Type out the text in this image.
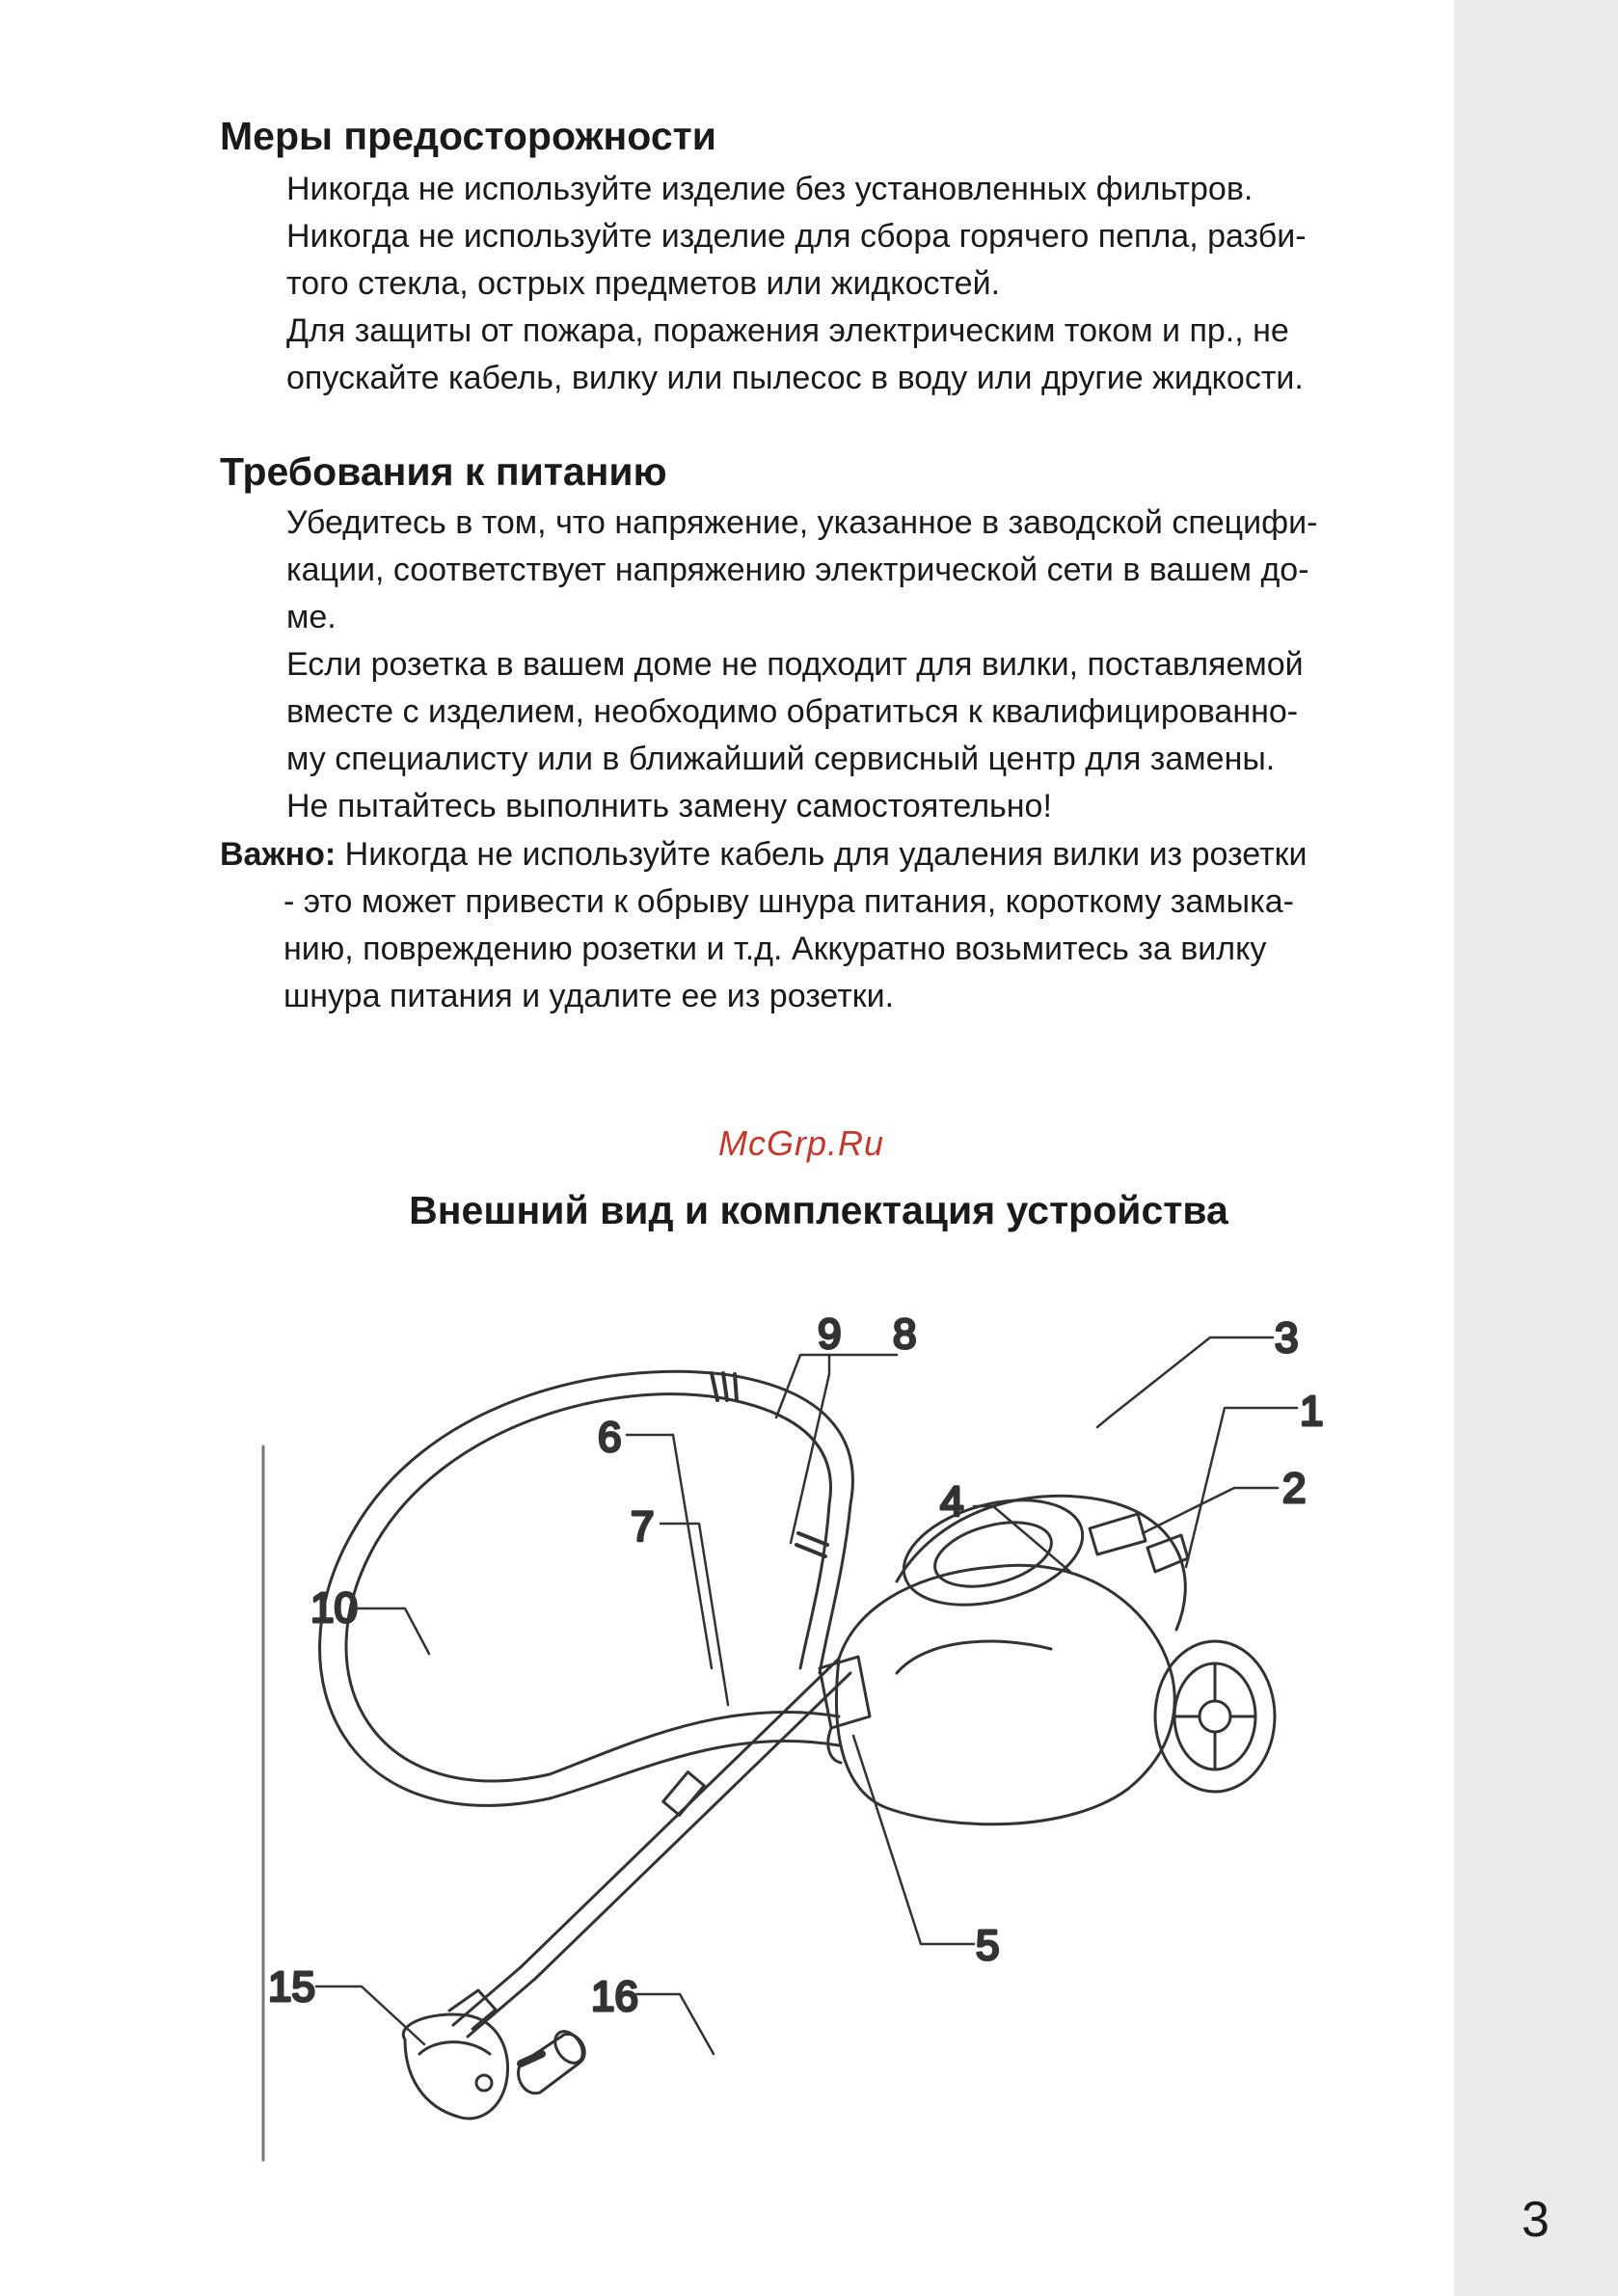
3
Меры предосторожности

Никогда не используйте изделие без установленных фильтров.

Никогда не используйте изделие для сбора горячего пепла, разби-

того стекла, острых предметов или жидкостей.

Для защиты от пожара, поражения электрическим током и пр., не

опускайте кабель, вилку или пылесос в воду или другие жидкости.

Требования к питанию

Убедитесь в том, что напряжение, указанное в заводской специфи-

кации, соответствует напряжению электрической сети в вашем до-

ме.

Если розетка в вашем доме не подходит для вилки, поставляемой

вместе с изделием, необходимо обратиться к квалифицированно-

му специалисту или в ближайший сервисный центр для замены.

Не пытайтесь выполнить замену самостоятельно!

Важно: Никогда не используйте кабель для удаления вилки из розетки

- это может привести к обрыву шнура питания, короткому замыка-

нию, повреждению розетки и т.д. Аккуратно возьмитесь за вилку

шнура питания и удалите ее из розетки.

McGrp.Ru
Внешний вид и комплектация устройства
1
2
3
4
5
6
7
8
9
10
15	16
